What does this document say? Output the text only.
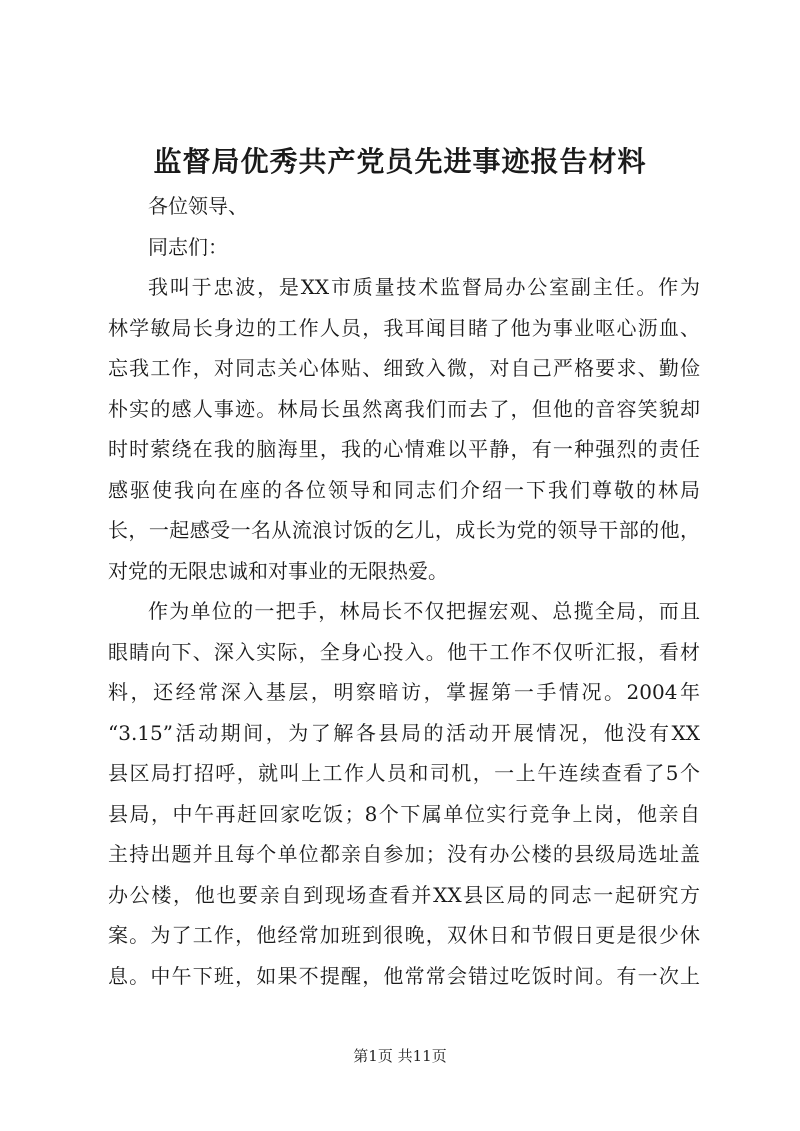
监督局优秀共产党员先进事迹报告材料
各位领导、
同志们：
我叫于忠波，是XX市质量技术监督局办公室副主任。作为
林学敏局长身边的工作人员，我耳闻目睹了他为事业呕心沥血、
忘我工作，对同志关心体贴、细致入微，对自己严格要求、勤俭
朴实的感人事迹。林局长虽然离我们而去了，但他的音容笑貌却
时时萦绕在我的脑海里，我的心情难以平静，有一种强烈的责任
感驱使我向在座的各位领导和同志们介绍一下我们尊敬的林局
长，一起感受一名从流浪讨饭的乞儿，成长为党的领导干部的他，
对党的无限忠诚和对事业的无限热爱。
作为单位的一把手，林局长不仅把握宏观、总揽全局，而且
眼睛向下、深入实际，全身心投入。他干工作不仅听汇报，看材
料，还经常深入基层，明察暗访，掌握第一手情况。2004年
“3.15”活动期间，为了解各县局的活动开展情况，他没有XX
县区局打招呼，就叫上工作人员和司机，一上午连续查看了5个
县局，中午再赶回家吃饭；8个下属单位实行竞争上岗，他亲自
主持出题并且每个单位都亲自参加；没有办公楼的县级局选址盖
办公楼，他也要亲自到现场查看并XX县区局的同志一起研究方
案。为了工作，他经常加班到很晚，双休日和节假日更是很少休
息。中午下班，如果不提醒，他常常会错过吃饭时间。有一次上
第1页 共11页
